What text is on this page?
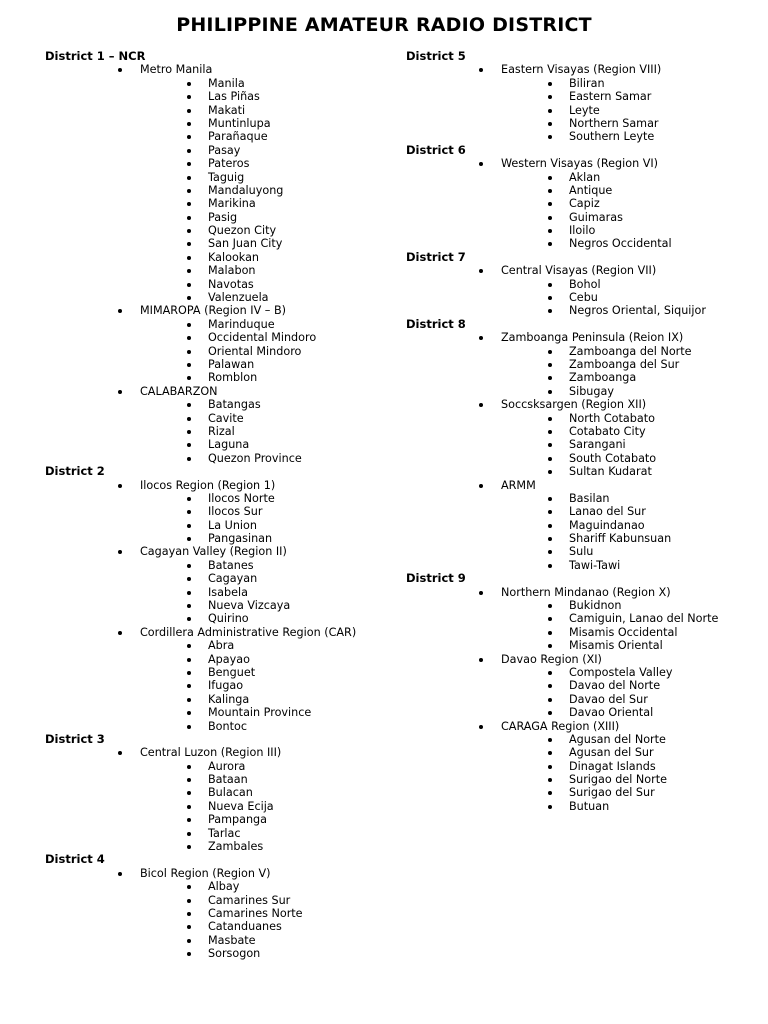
PHILIPPINE AMATEUR RADIO DISTRICT
District 1 – NCR
Metro Manila
Manila
Las Piñas
Makati
Muntinlupa
Parañaque
Pasay
Pateros
Taguig
Mandaluyong
Marikina
Pasig
Quezon City
San Juan City
Kalookan
Malabon
Navotas
Valenzuela
MIMAROPA (Region IV – B)
Marinduque
Occidental Mindoro
Oriental Mindoro
Palawan
Romblon
CALABARZON
Batangas
Cavite
Rizal
Laguna
Quezon Province
District 2
Ilocos Region (Region 1)
Ilocos Norte
Ilocos Sur
La Union
Pangasinan
Cagayan Valley (Region II)
Batanes
Cagayan
Isabela
Nueva Vizcaya
Quirino
Cordillera Administrative Region (CAR)
Abra
Apayao
Benguet
Ifugao
Kalinga
Mountain Province
Bontoc
District 3
Central Luzon (Region III)
Aurora
Bataan
Bulacan
Nueva Ecija
Pampanga
Tarlac
Zambales
District 4
Bicol Region (Region V)
Albay
Camarines Sur
Camarines Norte
Catanduanes
Masbate
Sorsogon
District 5
Eastern Visayas (Region VIII)
Biliran
Eastern Samar
Leyte
Northern Samar
Southern Leyte
District 6
Western Visayas (Region VI)
Aklan
Antique
Capiz
Guimaras
Iloilo
Negros Occidental
District 7
Central Visayas (Region VII)
Bohol
Cebu
Negros Oriental, Siquijor
District 8
Zamboanga Peninsula (Reion IX)
Zamboanga del Norte
Zamboanga del Sur
Zamboanga
Sibugay
Soccsksargen (Region XII)
North Cotabato
Cotabato City
Sarangani
South Cotabato
Sultan Kudarat
ARMM
Basilan
Lanao del Sur
Maguindanao
Shariff Kabunsuan
Sulu
Tawi-Tawi
District 9
Northern Mindanao (Region X)
Bukidnon
Camiguin, Lanao del Norte
Misamis Occidental
Misamis Oriental
Davao Region (XI)
Compostela Valley
Davao del Norte
Davao del Sur
Davao Oriental
CARAGA Region (XIII)
Agusan del Norte
Agusan del Sur
Dinagat Islands
Surigao del Norte
Surigao del Sur
Butuan
